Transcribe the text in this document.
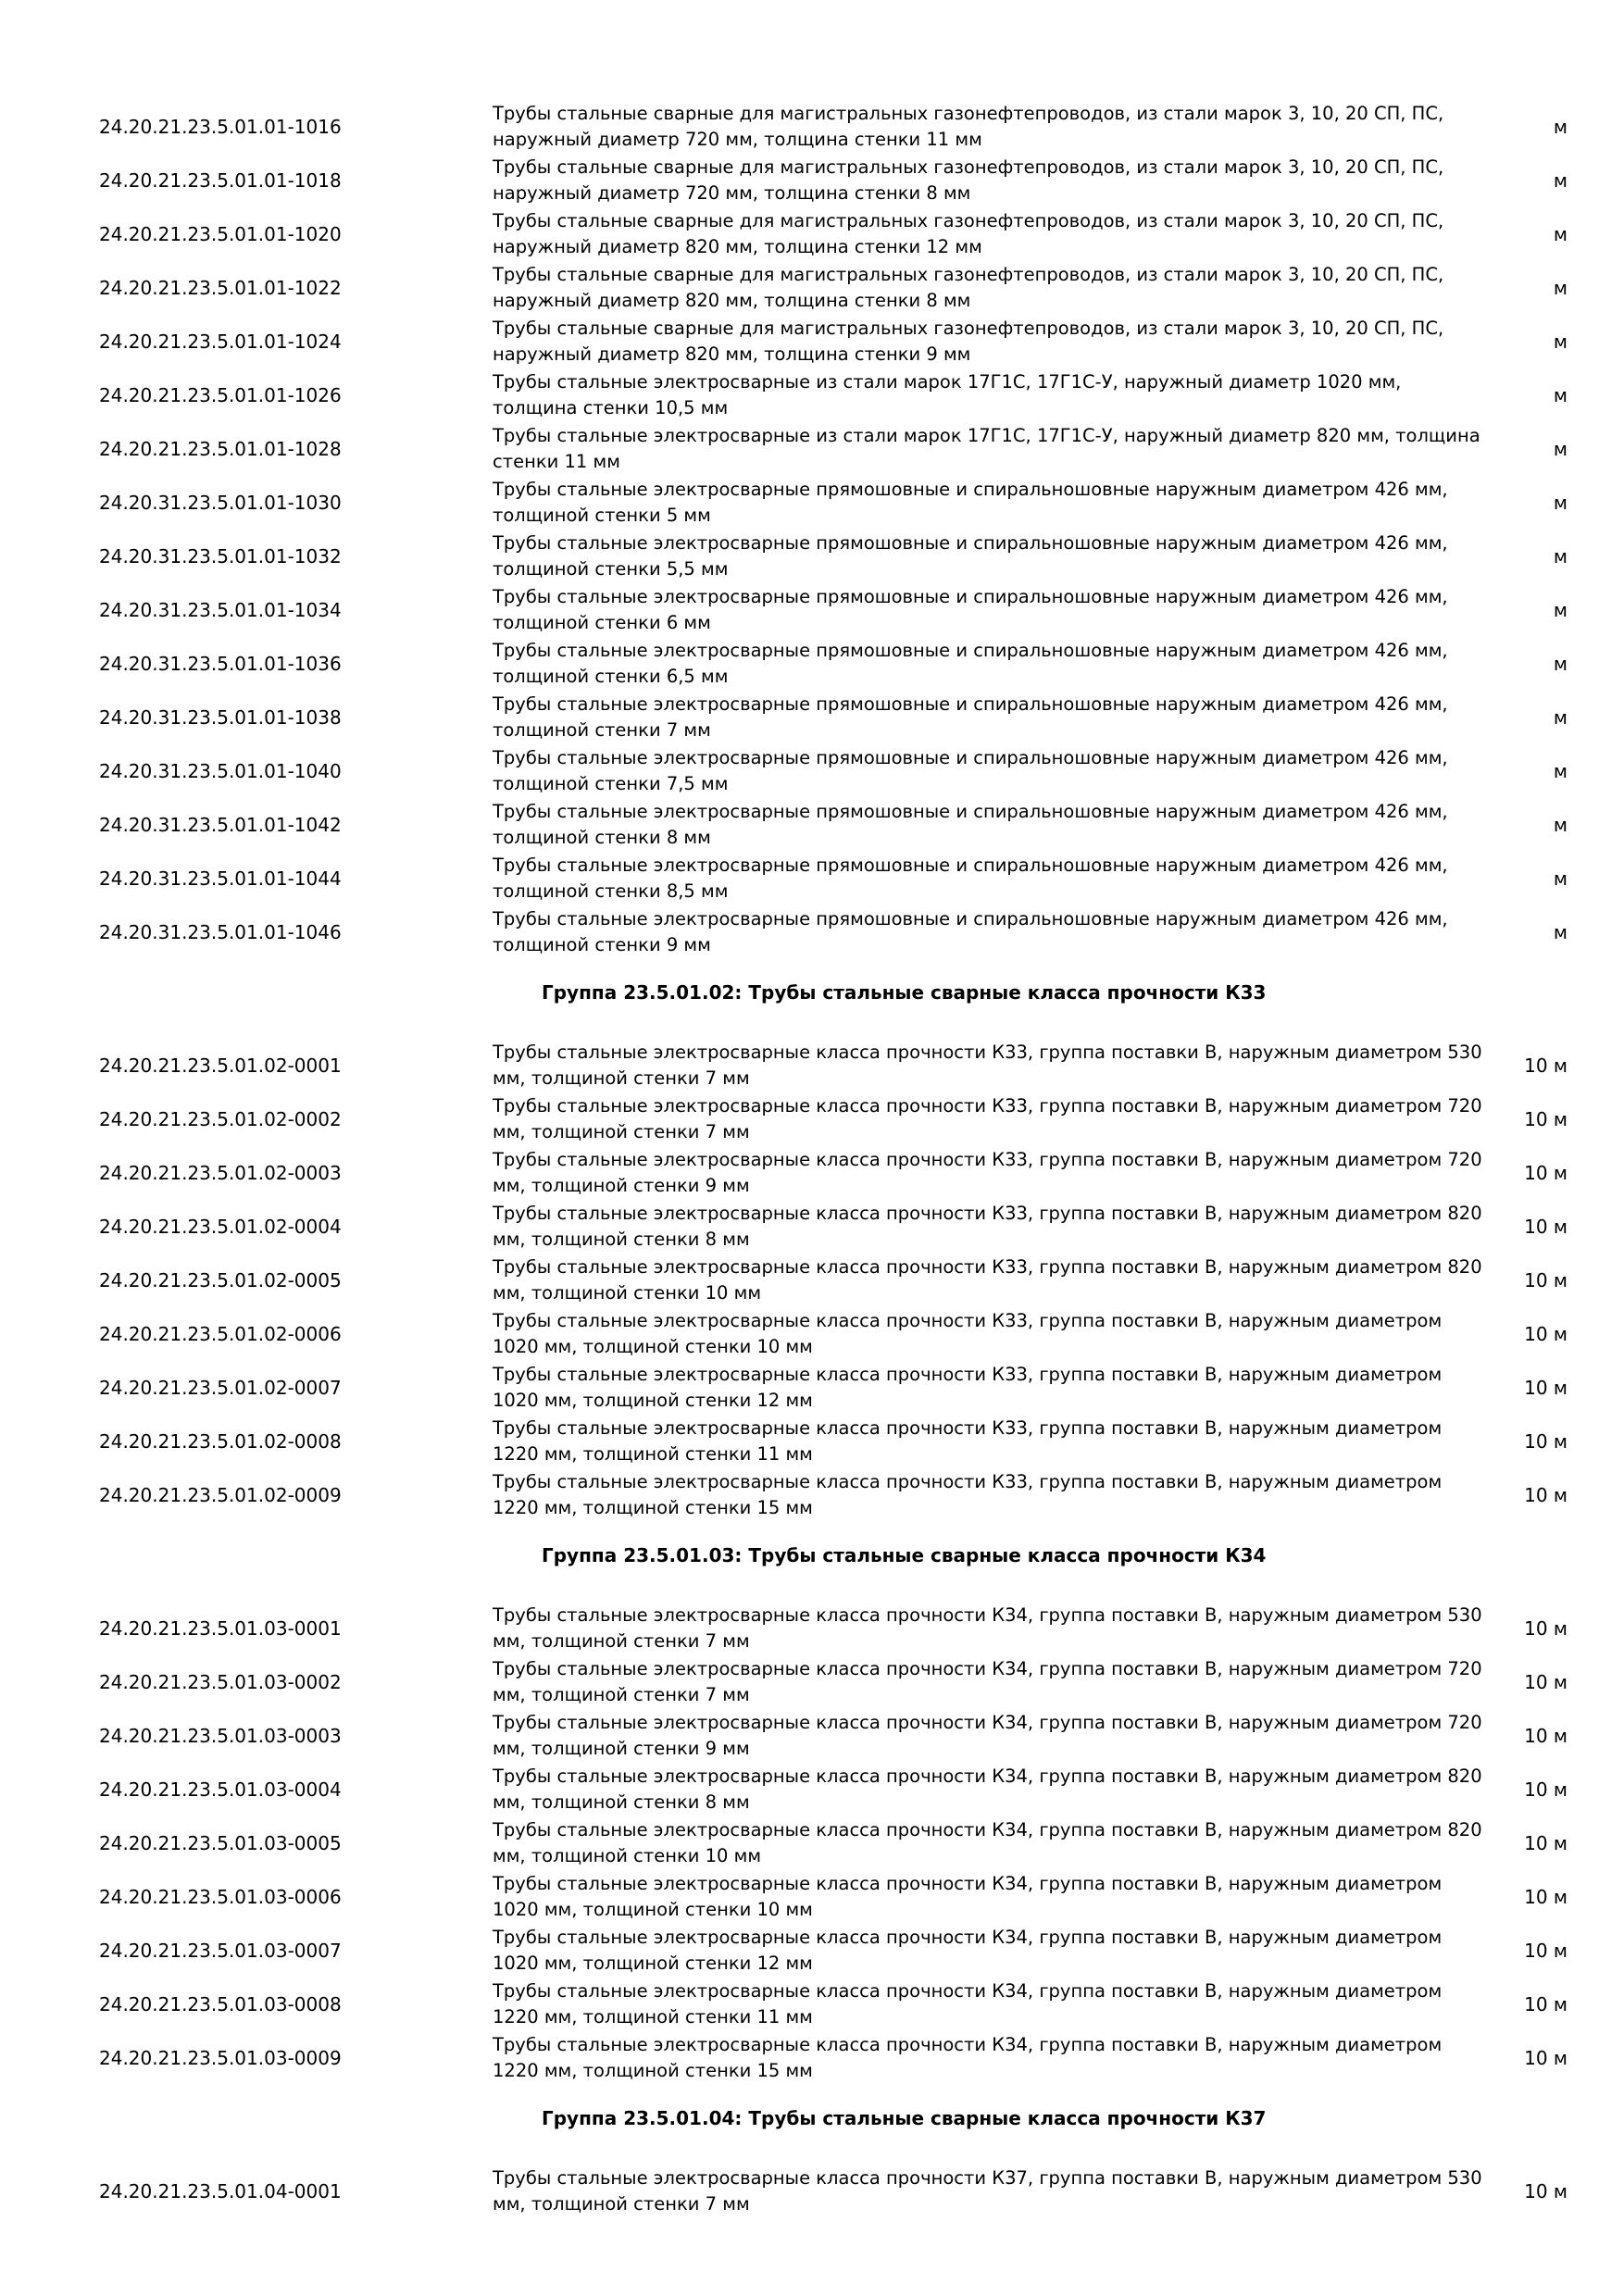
24.20.21.23.5.01.01-1016
Трубы стальные сварные для магистральных газонефтепроводов, из стали марок 3, 10, 20 СП, ПС,
наружный диаметр 720 мм, толщина стенки 11 мм
м
24.20.21.23.5.01.01-1018
Трубы стальные сварные для магистральных газонефтепроводов, из стали марок 3, 10, 20 СП, ПС,
наружный диаметр 720 мм, толщина стенки 8 мм
м
24.20.21.23.5.01.01-1020
Трубы стальные сварные для магистральных газонефтепроводов, из стали марок 3, 10, 20 СП, ПС,
наружный диаметр 820 мм, толщина стенки 12 мм
м
24.20.21.23.5.01.01-1022
Трубы стальные сварные для магистральных газонефтепроводов, из стали марок 3, 10, 20 СП, ПС,
наружный диаметр 820 мм, толщина стенки 8 мм
м
24.20.21.23.5.01.01-1024
Трубы стальные сварные для магистральных газонефтепроводов, из стали марок 3, 10, 20 СП, ПС,
наружный диаметр 820 мм, толщина стенки 9 мм
м
24.20.21.23.5.01.01-1026
Трубы стальные электросварные из стали марок 17Г1С, 17Г1С-У, наружный диаметр 1020 мм,
толщина стенки 10,5 мм
м
24.20.21.23.5.01.01-1028
Трубы стальные электросварные из стали марок 17Г1С, 17Г1С-У, наружный диаметр 820 мм, толщина
стенки 11 мм
м
24.20.31.23.5.01.01-1030
Трубы стальные электросварные прямошовные и спиральношовные наружным диаметром 426 мм,
толщиной стенки 5 мм
м
24.20.31.23.5.01.01-1032
Трубы стальные электросварные прямошовные и спиральношовные наружным диаметром 426 мм,
толщиной стенки 5,5 мм
м
24.20.31.23.5.01.01-1034
Трубы стальные электросварные прямошовные и спиральношовные наружным диаметром 426 мм,
толщиной стенки 6 мм
м
24.20.31.23.5.01.01-1036
Трубы стальные электросварные прямошовные и спиральношовные наружным диаметром 426 мм,
толщиной стенки 6,5 мм
м
24.20.31.23.5.01.01-1038
Трубы стальные электросварные прямошовные и спиральношовные наружным диаметром 426 мм,
толщиной стенки 7 мм
м
24.20.31.23.5.01.01-1040
Трубы стальные электросварные прямошовные и спиральношовные наружным диаметром 426 мм,
толщиной стенки 7,5 мм
м
24.20.31.23.5.01.01-1042
Трубы стальные электросварные прямошовные и спиральношовные наружным диаметром 426 мм,
толщиной стенки 8 мм
м
24.20.31.23.5.01.01-1044
Трубы стальные электросварные прямошовные и спиральношовные наружным диаметром 426 мм,
толщиной стенки 8,5 мм
м
24.20.31.23.5.01.01-1046
Трубы стальные электросварные прямошовные и спиральношовные наружным диаметром 426 мм,
толщиной стенки 9 мм
м
Группа 23.5.01.02: Трубы стальные сварные класса прочности К33
24.20.21.23.5.01.02-0001
Трубы стальные электросварные класса прочности К33, группа поставки В, наружным диаметром 530
мм, толщиной стенки 7 мм
10 м
24.20.21.23.5.01.02-0002
Трубы стальные электросварные класса прочности К33, группа поставки В, наружным диаметром 720
мм, толщиной стенки 7 мм
10 м
24.20.21.23.5.01.02-0003
Трубы стальные электросварные класса прочности К33, группа поставки В, наружным диаметром 720
мм, толщиной стенки 9 мм
10 м
24.20.21.23.5.01.02-0004
Трубы стальные электросварные класса прочности К33, группа поставки В, наружным диаметром 820
мм, толщиной стенки 8 мм
10 м
24.20.21.23.5.01.02-0005
Трубы стальные электросварные класса прочности К33, группа поставки В, наружным диаметром 820
мм, толщиной стенки 10 мм
10 м
24.20.21.23.5.01.02-0006
Трубы стальные электросварные класса прочности К33, группа поставки В, наружным диаметром
1020 мм, толщиной стенки 10 мм
10 м
24.20.21.23.5.01.02-0007
Трубы стальные электросварные класса прочности К33, группа поставки В, наружным диаметром
1020 мм, толщиной стенки 12 мм
10 м
24.20.21.23.5.01.02-0008
Трубы стальные электросварные класса прочности К33, группа поставки В, наружным диаметром
1220 мм, толщиной стенки 11 мм
10 м
24.20.21.23.5.01.02-0009
Трубы стальные электросварные класса прочности К33, группа поставки В, наружным диаметром
1220 мм, толщиной стенки 15 мм
10 м
Группа 23.5.01.03: Трубы стальные сварные класса прочности К34
24.20.21.23.5.01.03-0001
Трубы стальные электросварные класса прочности К34, группа поставки В, наружным диаметром 530
мм, толщиной стенки 7 мм
10 м
24.20.21.23.5.01.03-0002
Трубы стальные электросварные класса прочности К34, группа поставки В, наружным диаметром 720
мм, толщиной стенки 7 мм
10 м
24.20.21.23.5.01.03-0003
Трубы стальные электросварные класса прочности К34, группа поставки В, наружным диаметром 720
мм, толщиной стенки 9 мм
10 м
24.20.21.23.5.01.03-0004
Трубы стальные электросварные класса прочности К34, группа поставки В, наружным диаметром 820
мм, толщиной стенки 8 мм
10 м
24.20.21.23.5.01.03-0005
Трубы стальные электросварные класса прочности К34, группа поставки В, наружным диаметром 820
мм, толщиной стенки 10 мм
10 м
24.20.21.23.5.01.03-0006
Трубы стальные электросварные класса прочности К34, группа поставки В, наружным диаметром
1020 мм, толщиной стенки 10 мм
10 м
24.20.21.23.5.01.03-0007
Трубы стальные электросварные класса прочности К34, группа поставки В, наружным диаметром
1020 мм, толщиной стенки 12 мм
10 м
24.20.21.23.5.01.03-0008
Трубы стальные электросварные класса прочности К34, группа поставки В, наружным диаметром
1220 мм, толщиной стенки 11 мм
10 м
24.20.21.23.5.01.03-0009
Трубы стальные электросварные класса прочности К34, группа поставки В, наружным диаметром
1220 мм, толщиной стенки 15 мм
10 м
Группа 23.5.01.04: Трубы стальные сварные класса прочности К37
24.20.21.23.5.01.04-0001
Трубы стальные электросварные класса прочности К37, группа поставки В, наружным диаметром 530
мм, толщиной стенки 7 мм
10 м
